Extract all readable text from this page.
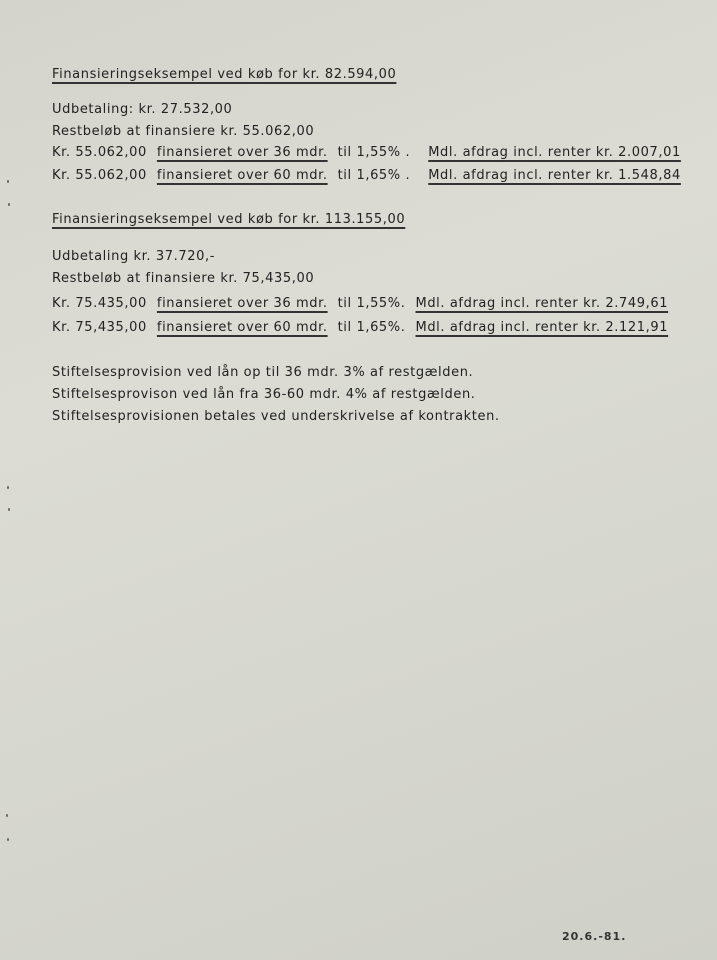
Finansieringseksempel ved køb for kr. 82.594,00
Udbetaling: kr. 27.532,00
Restbeløb at finansiere kr. 55.062,00
Kr. 55.062,00 finansieret over 36 mdr. til 1,55% . Mdl. afdrag incl. renter kr. 2.007,01
Kr. 55.062,00 finansieret over 60 mdr. til 1,65% . Mdl. afdrag incl. renter kr. 1.548,84
Finansieringseksempel ved køb for kr. 113.155,00
Udbetaling kr. 37.720,-
Restbeløb at finansiere kr. 75,435,00
Kr. 75.435,00 finansieret over 36 mdr. til 1,55%. Mdl. afdrag incl. renter kr. 2.749,61
Kr. 75,435,00 finansieret over 60 mdr. til 1,65%. Mdl. afdrag incl. renter kr. 2.121,91
Stiftelsesprovision ved lån op til 36 mdr. 3% af restgælden.
Stiftelsesprovison ved lån fra 36-60 mdr. 4% af restgælden.
Stiftelsesprovisionen betales ved underskrivelse af kontrakten.
20.6.-81.
